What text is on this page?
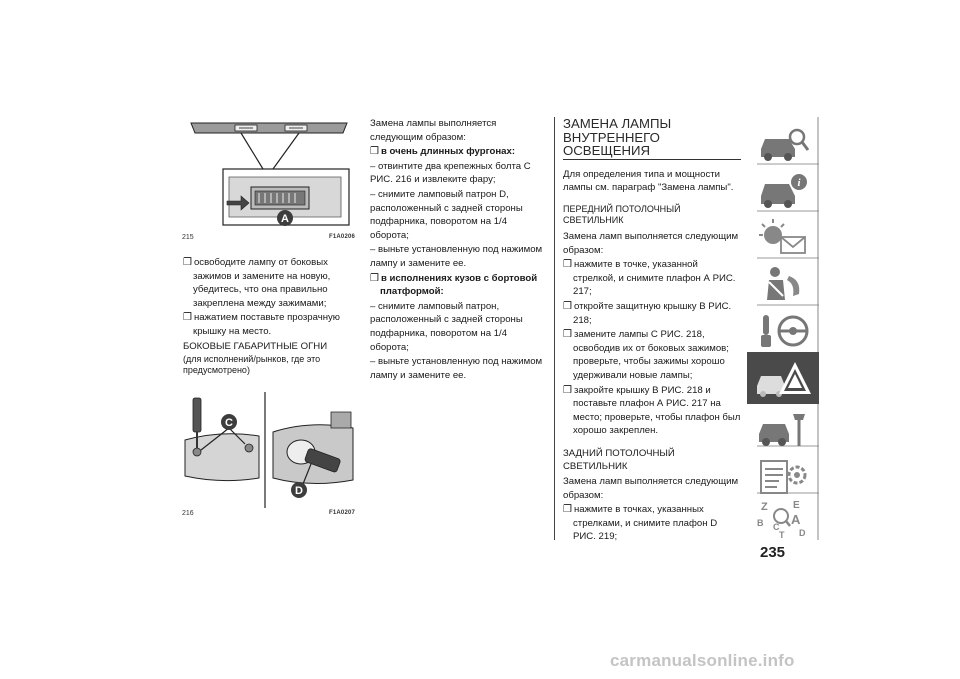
A
215	F1A0206
C
D
216	F1A0207

❒ освободите лампу от боковых зажимов и замените на новую, убедитесь, что она правильно закреплена между зажимами;

❒ нажатием поставьте прозрачную крышку на место.

БОКОВЫЕ ГАБАРИТНЫЕ ОГНИ

(для исполнений/рынков, где это предусмотрено)

Замена лампы выполняется следующим образом:

❒ в очень длинных фургонах:

– отвинтите два крепежных болта С РИС. 216 и извлеките фару;

– снимите ламповый патрон D, расположенный с задней стороны подфарника, поворотом на 1/4 оборота;

– выньте установленную под нажимом лампу и замените ее.

❒ в исполнениях кузов с бортовой платформой:

– снимите ламповый патрон, расположенный с задней стороны подфарника, поворотом на 1/4 оборота;

– выньте установленную под нажимом лампу и замените ее.

ЗАМЕНА ЛАМПЫ ВНУТРЕННЕГО ОСВЕЩЕНИЯ

Для определения типа и мощности лампы см. параграф "Замена лампы".

ПЕРЕДНИЙ ПОТОЛОЧНЫЙ СВЕТИЛЬНИК

Замена ламп выполняется следующим образом:

❒ нажмите в точке, указанной стрелкой, и снимите плафон А РИС. 217;

❒ откройте защитную крышку В РИС. 218;

❒ замените лампы С РИС. 218, освободив их от боковых зажимов; проверьте, чтобы зажимы хорошо удерживали новые лампы;

❒ закройте крышку В РИС. 218 и поставьте плафон А РИС. 217 на место; проверьте, чтобы плафон был хорошо закреплен.

ЗАДНИЙ ПОТОЛОЧНЫЙ СВЕТИЛЬНИК

Замена ламп выполняется следующим образом:

❒ нажмите в точках, указанных стрелками, и снимите плафон D РИС. 219;

i
Z	E
B A
C
D
T
235
carmanualsonline.info
